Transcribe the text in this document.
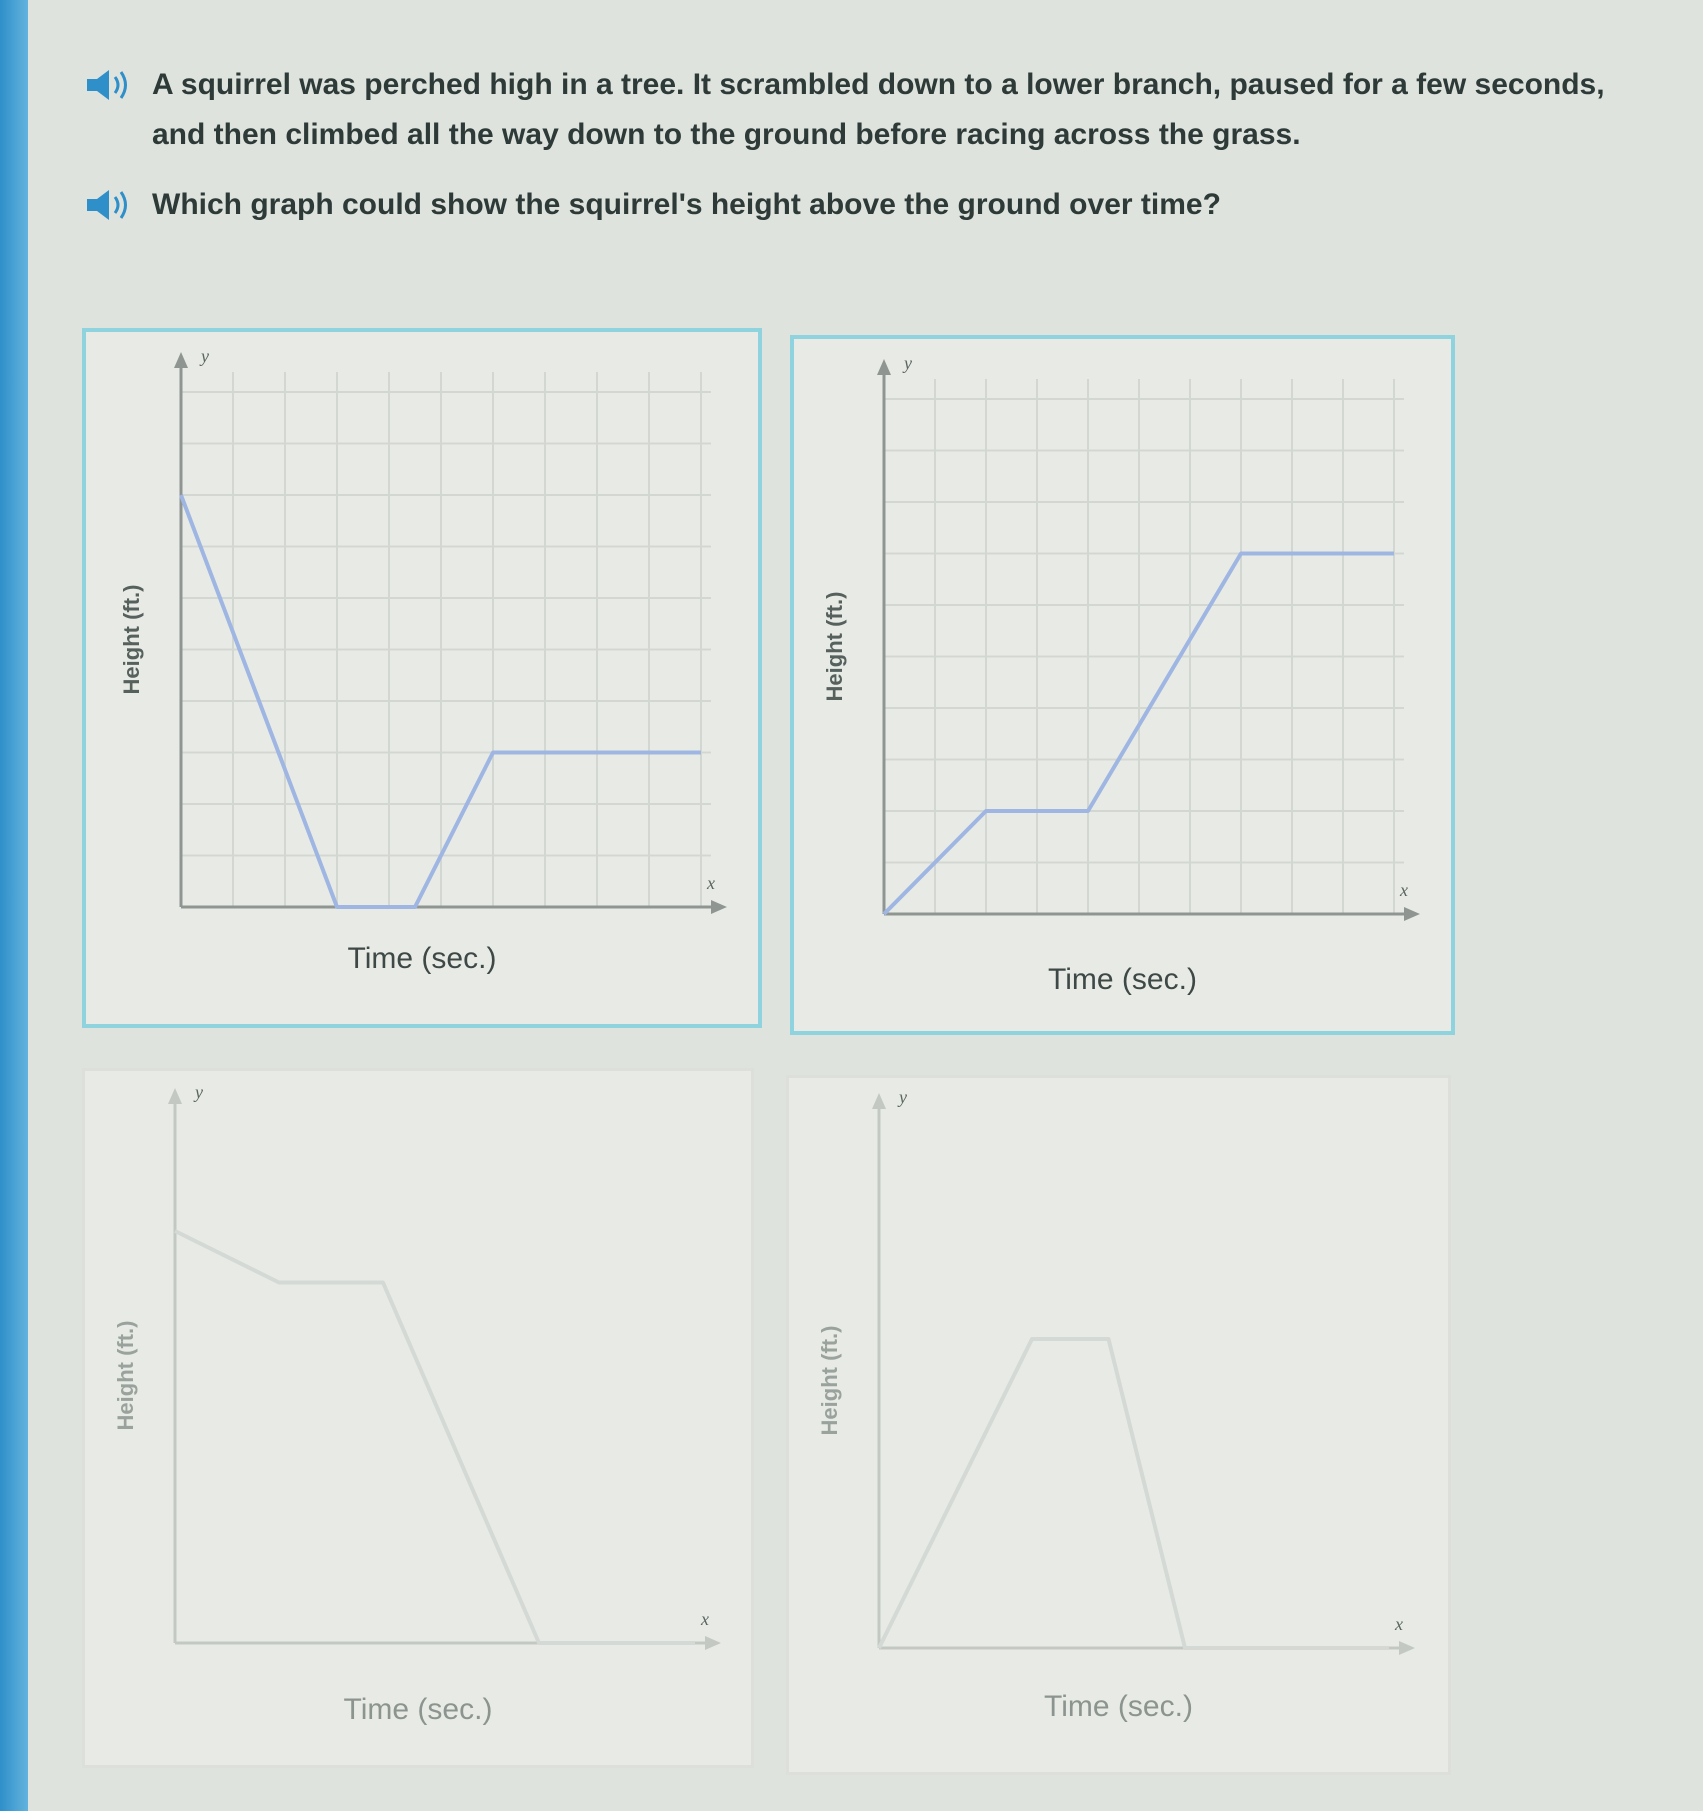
A squirrel was perched high in a tree. It scrambled down to a lower branch, paused for a few seconds, and then climbed all the way down to the ground before racing across the grass.
Which graph could show the squirrel's height above the ground over time?
y
x
Height (ft.)
Time (sec.)
y
x
Height (ft.)
Time (sec.)
y
x
Height (ft.)
Time (sec.)
y
x
Height (ft.)
Time (sec.)
